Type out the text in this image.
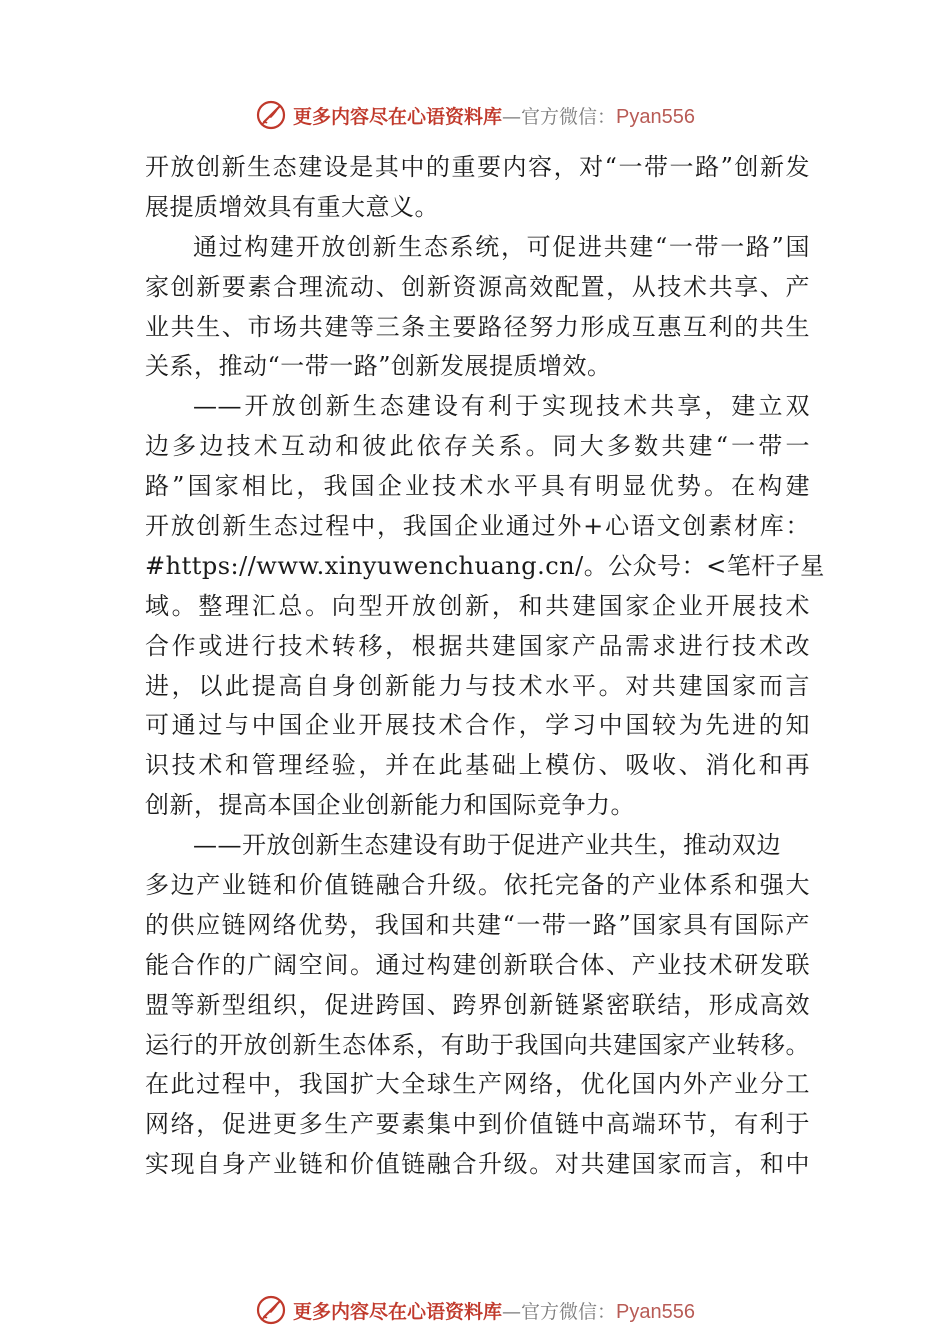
更多内容尽在心语资料库 —官方微信： Pyan556
开放创新生态建设是其中的重要内容，对“一带一路”创新发
展提质增效具有重大意义。
通过构建开放创新生态系统，可促进共建“一带一路”国
家创新要素合理流动、创新资源高效配置，从技术共享、产
业共生、市场共建等三条主要路径努力形成互惠互利的共生
关系，推动“一带一路”创新发展提质增效。
——开放创新生态建设有利于实现技术共享，建立双
边多边技术互动和彼此依存关系。同大多数共建“一带一
路”国家相比，我国企业技术水平具有明显优势。在构建
开放创新生态过程中，我国企业通过外+心语文创素材库：
#https://www.xinyuwenchuang.cn/。公众号：<笔杆子星
域。整理汇总。向型开放创新，和共建国家企业开展技术
合作或进行技术转移，根据共建国家产品需求进行技术改
进，以此提高自身创新能力与技术水平。对共建国家而言
可通过与中国企业开展技术合作，学习中国较为先进的知
识技术和管理经验，并在此基础上模仿、吸收、消化和再
创新，提高本国企业创新能力和国际竞争力。
——开放创新生态建设有助于促进产业共生，推动双边
多边产业链和价值链融合升级。依托完备的产业体系和强大
的供应链网络优势，我国和共建“一带一路”国家具有国际产
能合作的广阔空间。通过构建创新联合体、产业技术研发联
盟等新型组织，促进跨国、跨界创新链紧密联结，形成高效
运行的开放创新生态体系，有助于我国向共建国家产业转移。
在此过程中，我国扩大全球生产网络，优化国内外产业分工
网络，促进更多生产要素集中到价值链中高端环节，有利于
实现自身产业链和价值链融合升级。对共建国家而言，和中
更多内容尽在心语资料库 —官方微信： Pyan556
